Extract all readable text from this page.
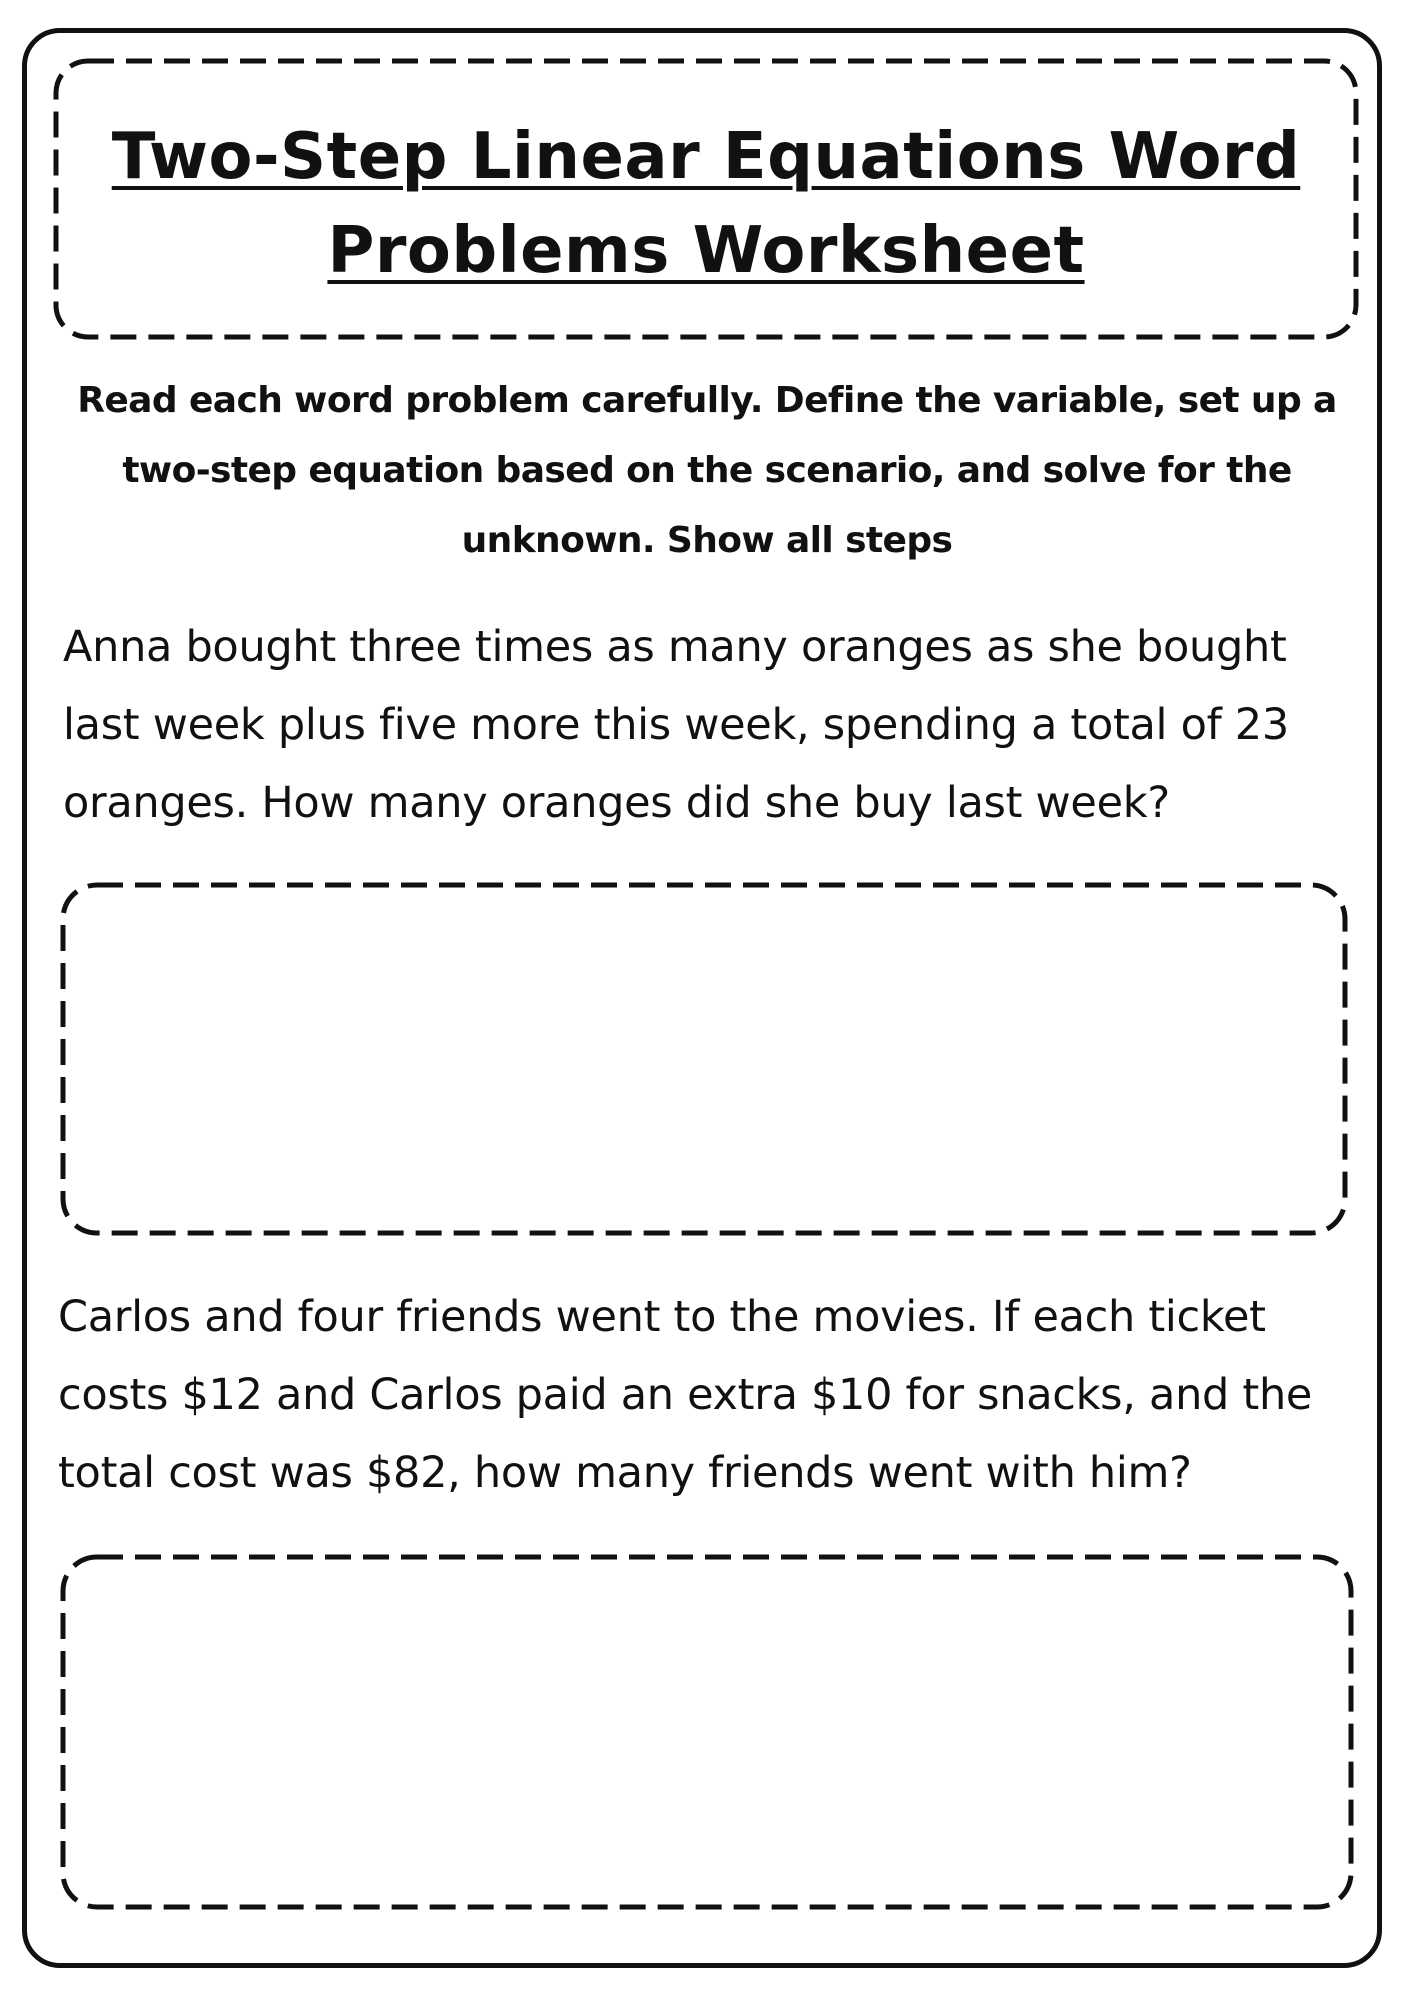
Two-Step Linear Equations Word
Problems Worksheet

Read each word problem carefully. Define the variable, set up a two-step equation based on the scenario, and solve for the unknown. Show all steps

Anna bought three times as many oranges as she bought last week plus five more this week, spending a total of 23 oranges. How many oranges did she buy last week?

Carlos and four friends went to the movies. If each ticket costs $12 and Carlos paid an extra $10 for snacks, and the total cost was $82, how many friends went with him?
